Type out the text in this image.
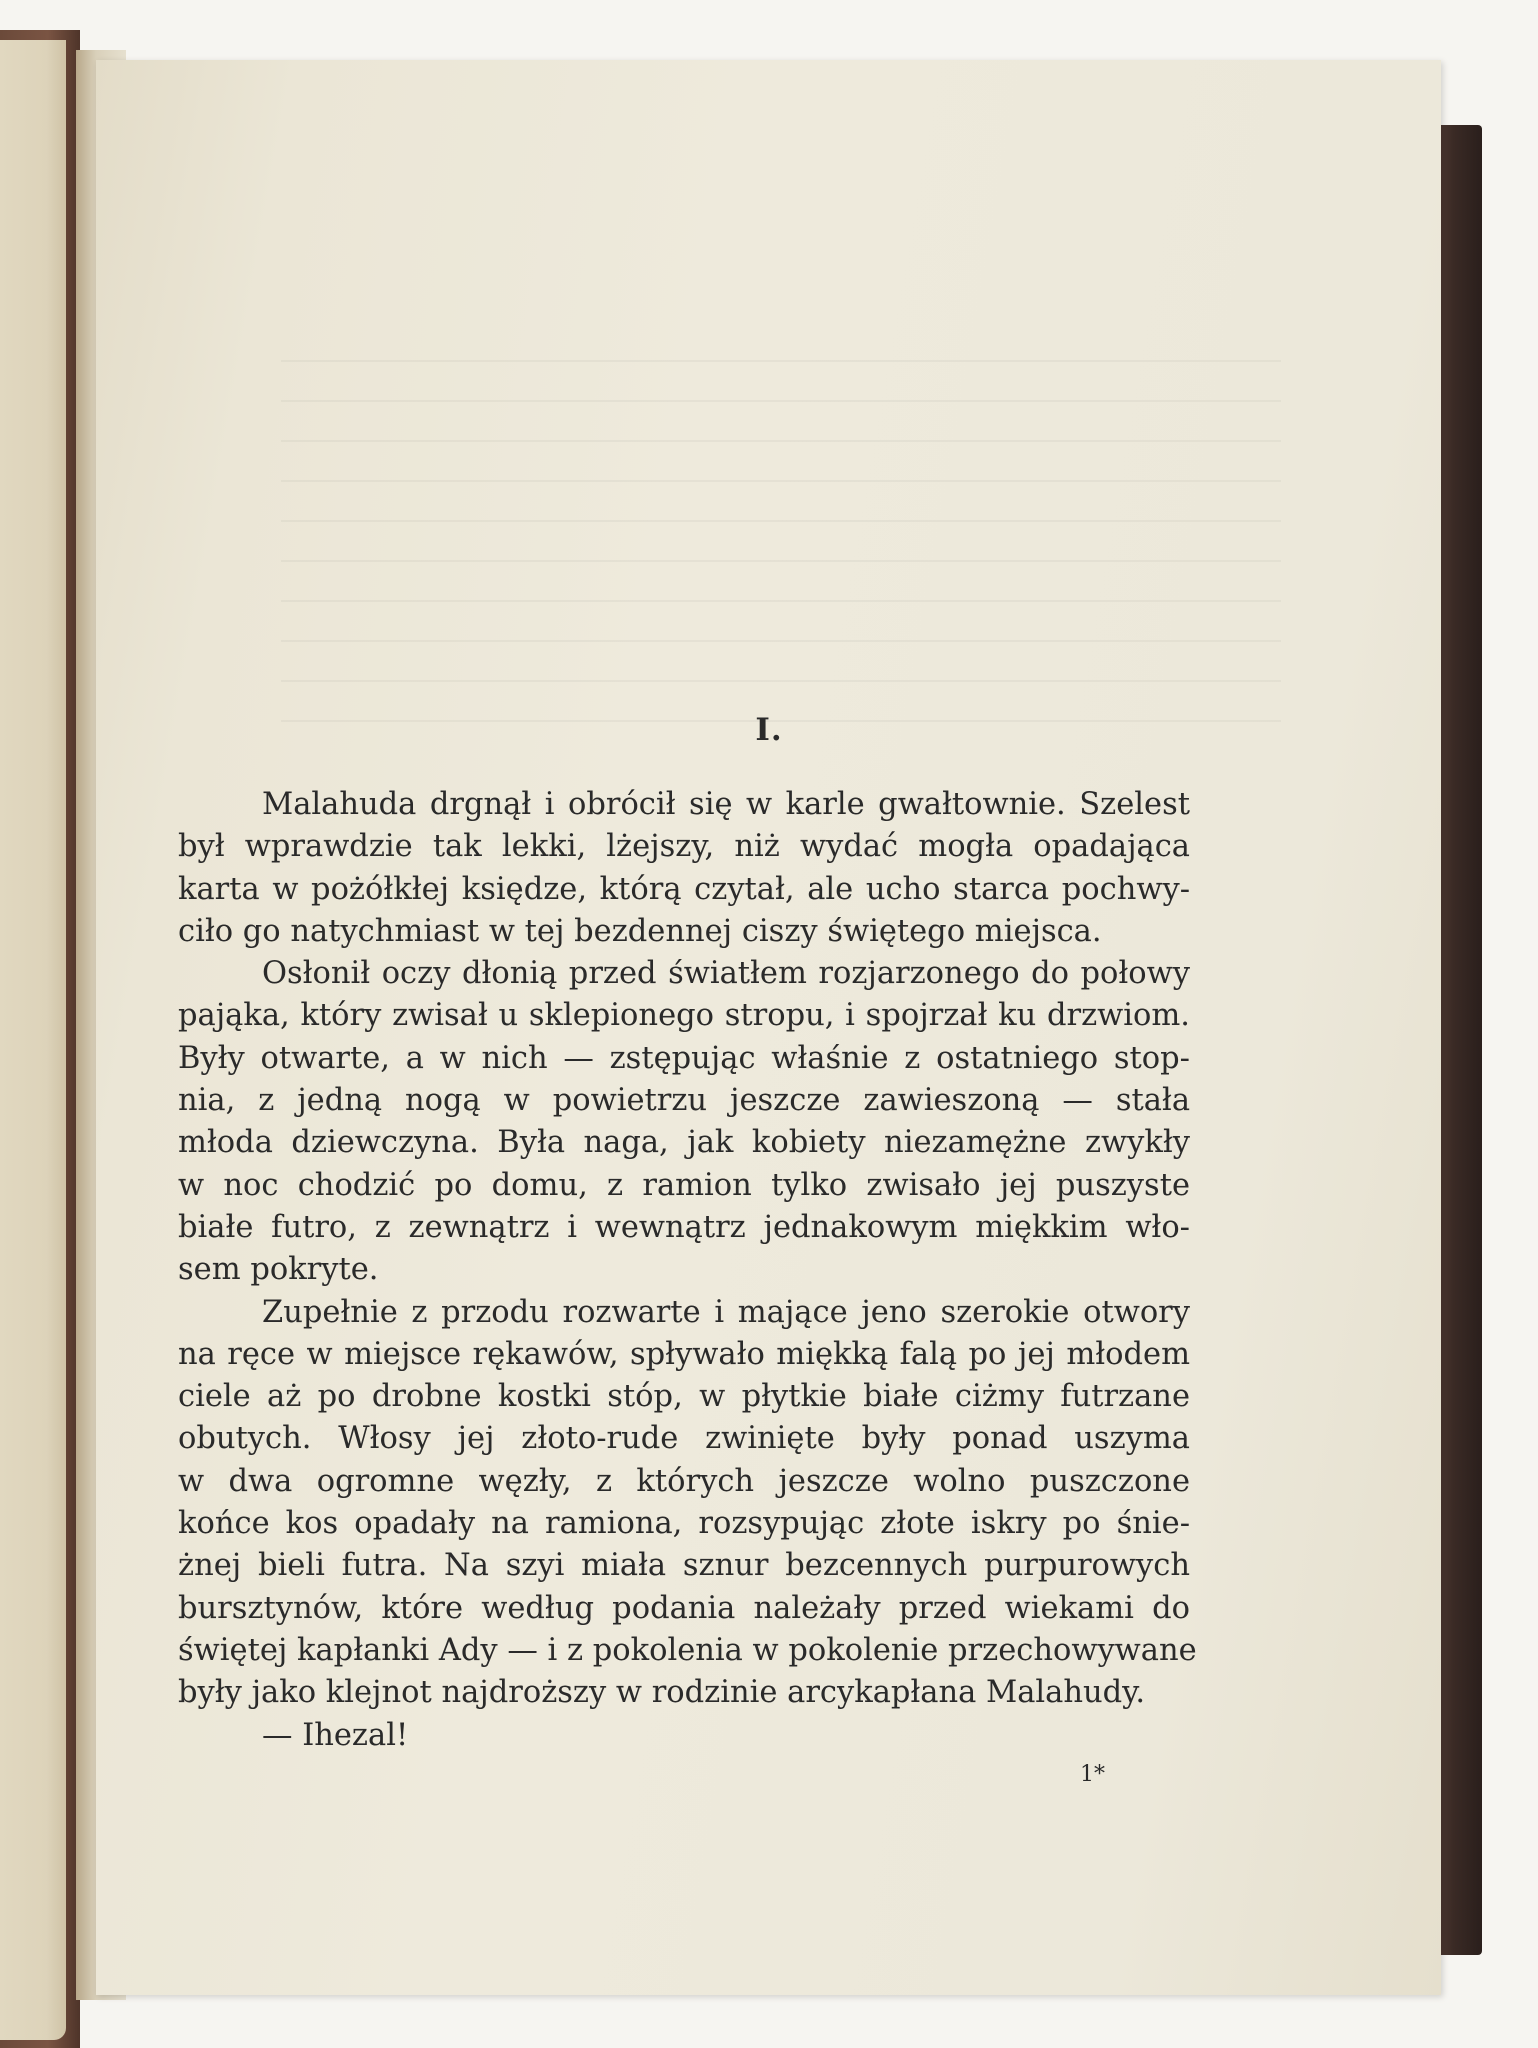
I.
Malahuda drgnął i obrócił się w karle gwałtownie. Szelest
był wprawdzie tak lekki, lżejszy, niż wydać mogła opadająca
karta w pożółkłej księdze, którą czytał, ale ucho starca pochwy-
ciło go natychmiast w tej bezdennej ciszy świętego miejsca.
Osłonił oczy dłonią przed światłem rozjarzonego do połowy
pająka, który zwisał u sklepionego stropu, i spojrzał ku drzwiom.
Były otwarte, a w nich — zstępując właśnie z ostatniego stop-
nia, z jedną nogą w powietrzu jeszcze zawieszoną — stała
młoda dziewczyna. Była naga, jak kobiety niezamężne zwykły
w noc chodzić po domu, z ramion tylko zwisało jej puszyste
białe futro, z zewnątrz i wewnątrz jednakowym miękkim wło-
sem pokryte.
Zupełnie z przodu rozwarte i mające jeno szerokie otwory
na ręce w miejsce rękawów, spływało miękką falą po jej młodem
ciele aż po drobne kostki stóp, w płytkie białe ciżmy futrzane
obutych. Włosy jej złoto-rude zwinięte były ponad uszyma
w dwa ogromne węzły, z których jeszcze wolno puszczone
końce kos opadały na ramiona, rozsypując złote iskry po śnie-
żnej bieli futra. Na szyi miała sznur bezcennych purpurowych
bursztynów, które według podania należały przed wiekami do
świętej kapłanki Ady — i z pokolenia w pokolenie przechowywane
były jako klejnot najdroższy w rodzinie arcykapłana Malahudy.
— Ihezal!
1*
